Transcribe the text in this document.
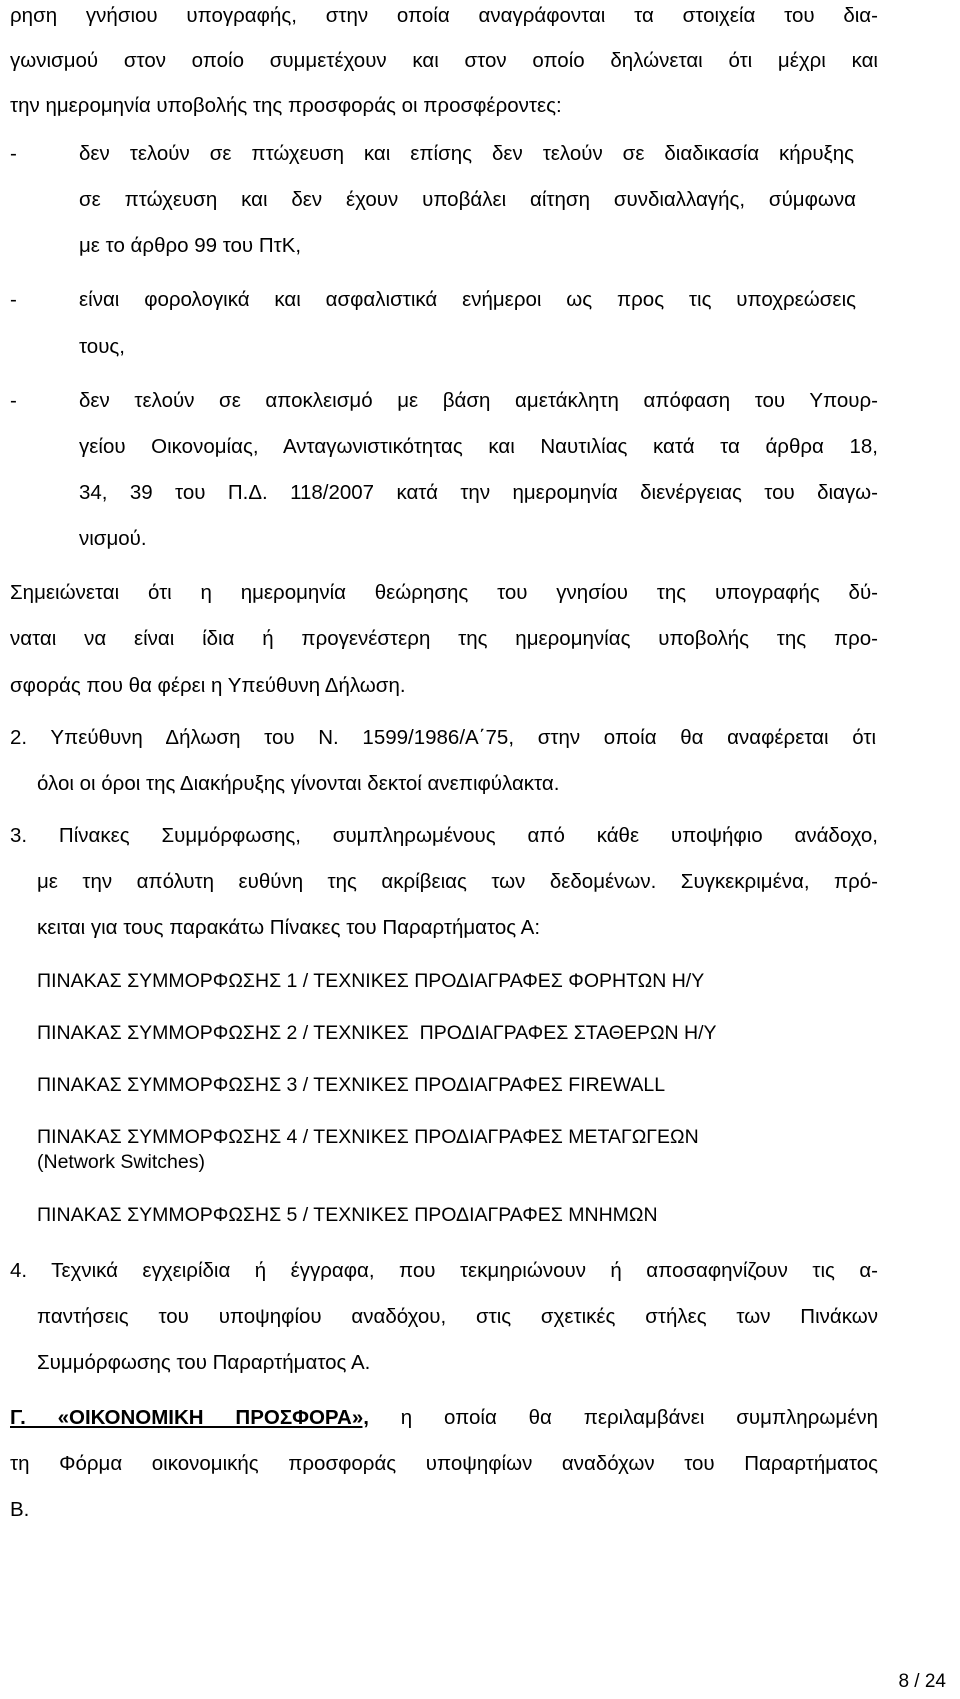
ρηση γνήσιου υπογραφής, στην οποία αναγράφονται τα στοιχεία του δια-
γωνισμού στον οποίο συμμετέχουν και στον οποίο δηλώνεται ότι μέχρι και
την ημερομηνία υποβολής της προσφοράς οι προσφέροντες:
-	δεν τελούν σε πτώχευση και επίσης δεν τελούν σε διαδικασία κήρυξης
σε πτώχευση και δεν έχουν υποβάλει αίτηση συνδιαλλαγής, σύμφωνα
με το άρθρο 99 του ΠτΚ,
-	είναι φορολογικά και ασφαλιστικά ενήμεροι ως προς τις υποχρεώσεις
τους,
-	δεν τελούν σε αποκλεισμό με βάση αμετάκλητη απόφαση του Υπουρ-
γείου Οικονομίας, Ανταγωνιστικότητας και Ναυτιλίας κατά τα άρθρα 18,
34, 39 του Π.Δ. 118/2007 κατά την ημερομηνία διενέργειας του διαγω-
νισμού.
Σημειώνεται ότι η ημερομηνία θεώρησης του γνησίου της υπογραφής δύ-
ναται να είναι ίδια ή προγενέστερη της ημερομηνίας υποβολής της προ-
σφοράς που θα φέρει η Υπεύθυνη Δήλωση.
2. Υπεύθυνη Δήλωση του Ν. 1599/1986/Α΄75, στην οποία θα αναφέρεται ότι
όλοι οι όροι της Διακήρυξης γίνονται δεκτοί ανεπιφύλακτα.
3. Πίνακες Συμμόρφωσης, συμπληρωμένους από κάθε υποψήφιο ανάδοχο,
με την απόλυτη ευθύνη της ακρίβειας των δεδομένων. Συγκεκριμένα, πρό-
κειται για τους παρακάτω Πίνακες του Παραρτήματος Α:
ΠΙΝΑΚΑΣ ΣΥΜΜΟΡΦΩΣΗΣ 1 / ΤΕΧΝΙΚΕΣ ΠΡΟΔΙΑΓΡΑΦΕΣ ΦΟΡΗΤΩΝ Η/Υ
ΠΙΝΑΚΑΣ ΣΥΜΜΟΡΦΩΣΗΣ 2 / ΤΕΧΝΙΚΕΣ  ΠΡΟΔΙΑΓΡΑΦΕΣ ΣΤΑΘΕΡΩΝ Η/Υ
ΠΙΝΑΚΑΣ ΣΥΜΜΟΡΦΩΣΗΣ 3 / ΤΕΧΝΙΚΕΣ ΠΡΟΔΙΑΓΡΑΦΕΣ FIREWALL
ΠΙΝΑΚΑΣ ΣΥΜΜΟΡΦΩΣΗΣ 4 / ΤΕΧΝΙΚΕΣ ΠΡΟΔΙΑΓΡΑΦΕΣ ΜΕΤΑΓΩΓΕΩΝ
(Network Switches)
ΠΙΝΑΚΑΣ ΣΥΜΜΟΡΦΩΣΗΣ 5 / ΤΕΧΝΙΚΕΣ ΠΡΟΔΙΑΓΡΑΦΕΣ ΜΝΗΜΩΝ
4. Τεχνικά εγχειρίδια ή έγγραφα, που τεκμηριώνουν ή αποσαφηνίζουν τις α-
παντήσεις του υποψηφίου αναδόχου, στις σχετικές στήλες των Πινάκων
Συμμόρφωσης του Παραρτήματος Α.
Γ. «ΟΙΚΟΝΟΜΙΚΗ ΠΡΟΣΦΟΡΑ», η οποία θα περιλαμβάνει συμπληρωμένη
τη Φόρμα οικονομικής προσφοράς υποψηφίων αναδόχων του Παραρτήματος
Β.
8 / 24
